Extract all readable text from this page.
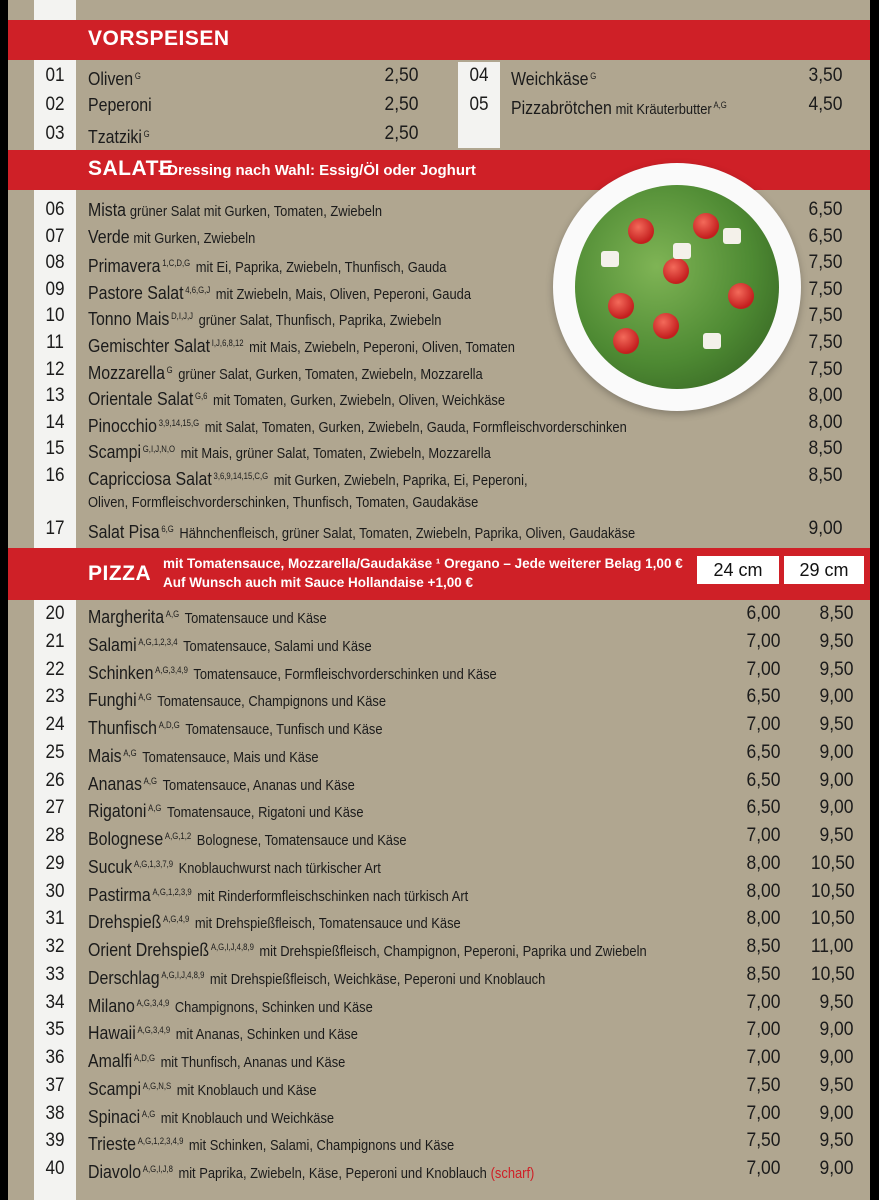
VORSPEISEN
01	Oliven $^G$	2,50
02	Peperoni	2,50
03	Tzatziki $^G$	2,50
04	Weichkäse $^G$	3,50
05	Pizzabrötchen mit Kräuterbutter $^{A,G}$	4,50
SALATE
- Dressing nach Wahl: Essig/Öl oder Joghurt
06	Mista grüner Salat mit Gurken, Tomaten, Zwiebeln	6,50
07	Verde mit Gurken, Zwiebeln	6,50
08	Primavera $^{1,C,D,G}$ mit Ei, Paprika, Zwiebeln, Thunfisch, Gauda	7,50
09	Pastore Salat $^{4,6,G,J}$ mit Zwiebeln, Mais, Oliven, Peperoni, Gauda	7,50
10	Tonno Mais $^{D,I,J,J}$ grüner Salat, Thunfisch, Paprika, Zwiebeln	7,50
11	Gemischter Salat $^{I,J,6,8,12}$ mit Mais, Zwiebeln, Peperoni, Oliven, Tomaten	7,50
12	Mozzarella $^G$ grüner Salat, Gurken, Tomaten, Zwiebeln, Mozzarella	7,50
13	Orientale Salat $^{G,6}$ mit Tomaten, Gurken, Zwiebeln, Oliven, Weichkäse	8,00
14	Pinocchio $^{3,9,14,15,G}$ mit Salat, Tomaten, Gurken, Zwiebeln, Gauda, Formfleischvorderschinken	8,00
15	Scampi $^{G,I,J,N,O}$ mit Mais, grüner Salat, Tomaten, Zwiebeln, Mozzarella	8,50
16	Capricciosa Salat $^{3,6,9,14,15,C,G}$ mit Gurken, Zwiebeln, Paprika, Ei, Peperoni,	8,50
Oliven, Formfleischvorderschinken, Thunfisch, Tomaten, Gaudakäse
17	Salat Pisa $^{6,G}$ Hähnchenfleisch, grüner Salat, Tomaten, Zwiebeln, Paprika, Oliven, Gaudakäse	9,00
PIZZA mit Tomatensauce, Mozzarella/Gaudakäse ¹ Oregano – Jede weiterer Belag 1,00 €
Auf Wunsch auch mit Sauce Hollandaise +1,00 €
24 cm	29 cm
20	Margherita $^{A,G}$ Tomatensauce und Käse	6,00 8,50
21	Salami $^{A,G,1,2,3,4}$ Tomatensauce, Salami und Käse	7,00 9,50
22	Schinken $^{A,G,3,4,9}$ Tomatensauce, Formfleischvorderschinken und Käse	7,00 9,50
23	Funghi $^{A,G}$ Tomatensauce, Champignons und Käse	6,50 9,00
24	Thunfisch $^{A,D,G}$ Tomatensauce, Tunfisch und Käse	7,00 9,50
25	Mais $^{A,G}$ Tomatensauce, Mais und Käse	6,50 9,00
26	Ananas $^{A,G}$ Tomatensauce, Ananas und Käse	6,50 9,00
27	Rigatoni $^{A,G}$ Tomatensauce, Rigatoni und Käse	6,50 9,00
28	Bolognese $^{A,G,1,2}$ Bolognese, Tomatensauce und Käse	7,00 9,50
29	Sucuk $^{A,G,1,3,7,9}$ Knoblauchwurst nach türkischer Art	8,00 10,50
30	Pastirma $^{A,G,1,2,3,9}$ mit Rinderformfleischschinken nach türkisch Art	8,00 10,50
31	Drehspieß $^{A,G,4,9}$ mit Drehspießfleisch, Tomatensauce und Käse	8,00 10,50
32	Orient Drehspieß $^{A,G,I,J,4,8,9}$ mit Drehspießfleisch, Champignon, Peperoni, Paprika und Zwiebeln	8,50 11,00
33	Derschlag $^{A,G,I,J,4,8,9}$ mit Drehspießfleisch, Weichkäse, Peperoni und Knoblauch	8,50 10,50
34	Milano $^{A,G,3,4,9}$ Champignons, Schinken und Käse	7,00 9,50
35	Hawaii $^{A,G,3,4,9}$ mit Ananas, Schinken und Käse	7,00 9,00
36	Amalfi $^{A,D,G}$ mit Thunfisch, Ananas und Käse	7,00 9,00
37	Scampi $^{A,G,N,S}$ mit Knoblauch und Käse	7,50 9,50
38	Spinaci $^{A,G}$ mit Knoblauch und Weichkäse	7,00 9,00
39	Trieste $^{A,G,1,2,3,4,9}$ mit Schinken, Salami, Champignons und Käse	7,50 9,50
40	Diavolo $^{A,G,I,J,8}$ mit Paprika, Zwiebeln, Käse, Peperoni und Knoblauch (scharf)	7,00 9,00
